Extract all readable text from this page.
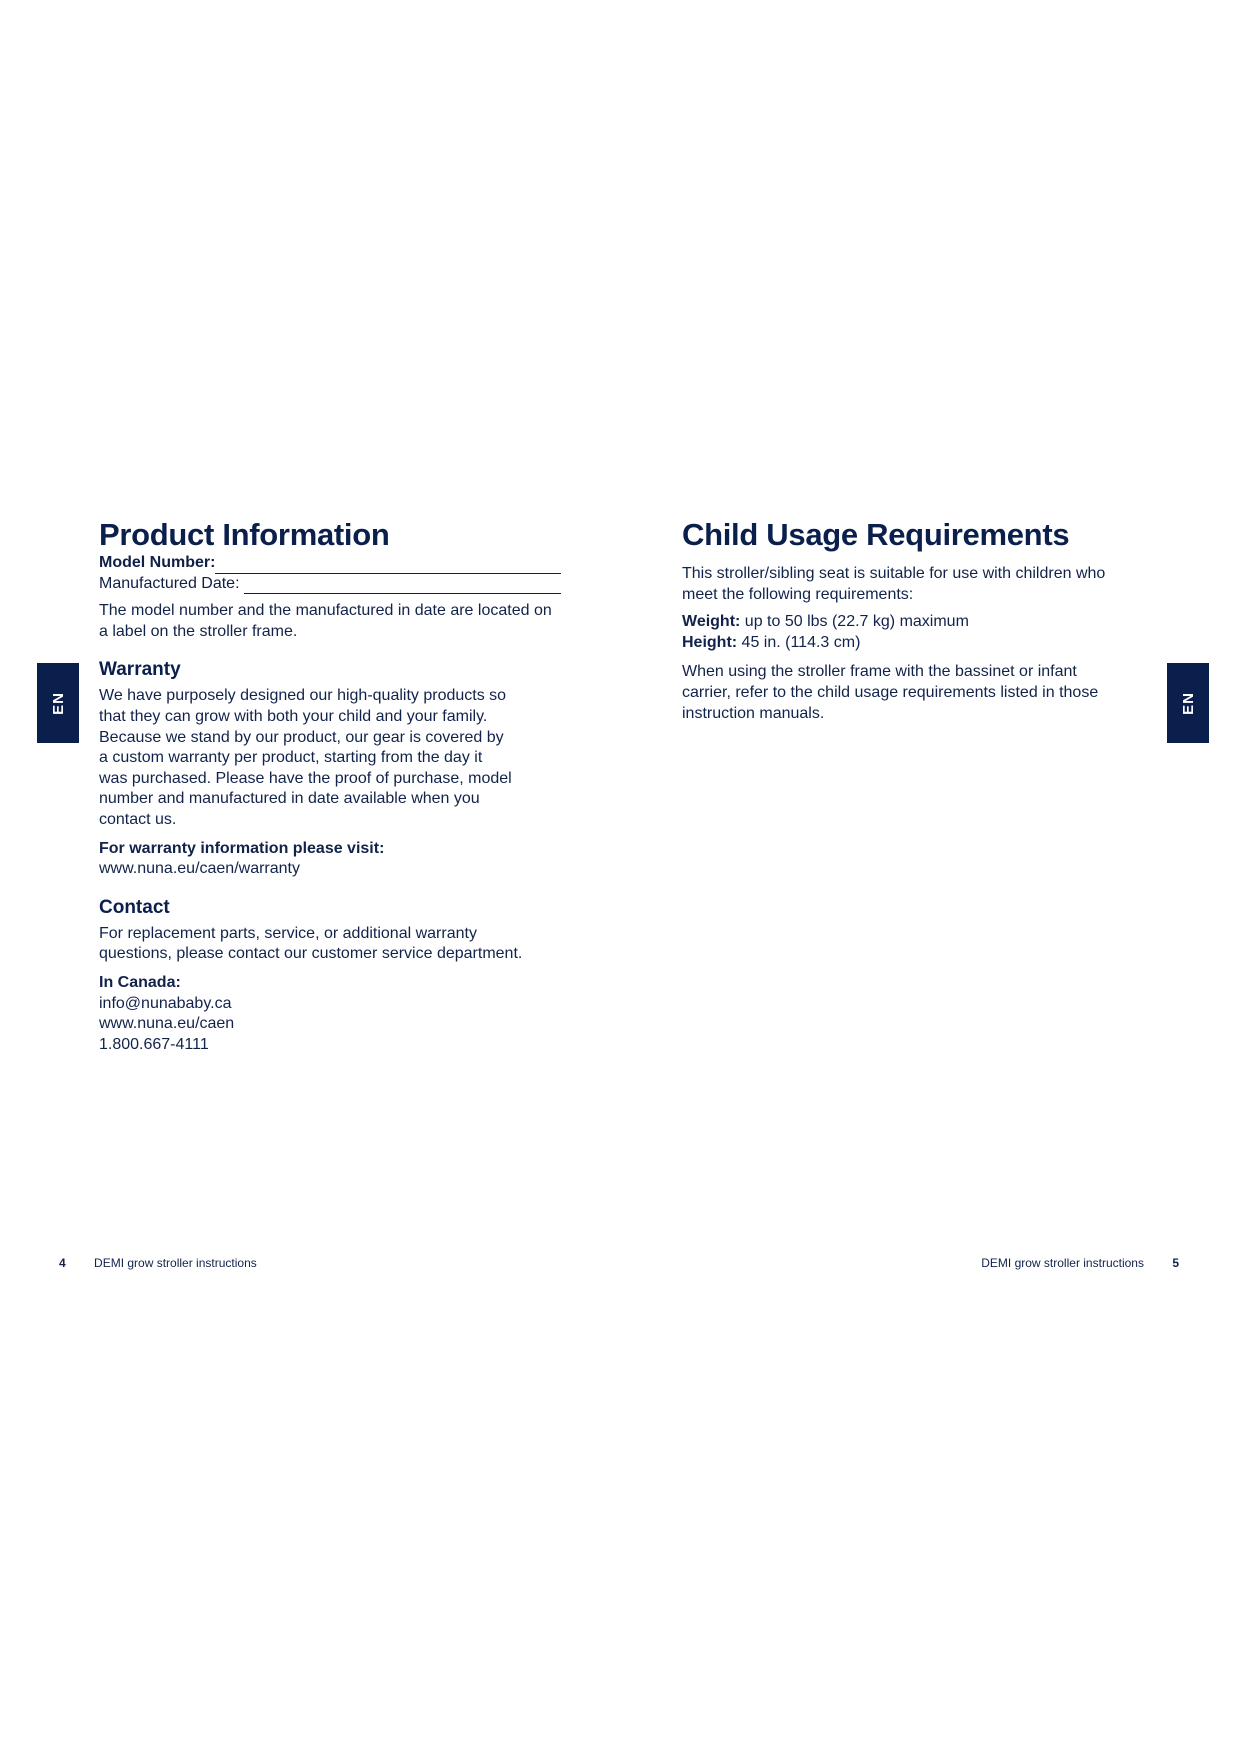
Product Information
Model Number:
Manufactured Date:

The model number and the manufactured in date are located on a label on the stroller frame.

Warranty

We have purposely designed our high-quality products so

that they can grow with both your child and your family.

Because we stand by our product, our gear is covered by

a custom warranty per product, starting from the day it

was purchased. Please have the proof of purchase, model

number and manufactured in date available when you

contact us.

For warranty information please visit:

www.nuna.eu/caen/warranty

Contact

For replacement parts, service, or additional warranty

questions, please contact our customer service department.

In Canada:

info@nunababy.ca

www.nuna.eu/caen

1.800.667-4111

EN
4 DEMI grow stroller instructions
Child Usage Requirements

This stroller/sibling seat is suitable for use with children who

meet the following requirements:

Weight: up to 50 lbs (22.7 kg) maximum

Height: 45 in. (114.3 cm)

When using the stroller frame with the bassinet or infant

carrier, refer to the child usage requirements listed in those

instruction manuals.	EN
DEMI grow stroller instructions 5
